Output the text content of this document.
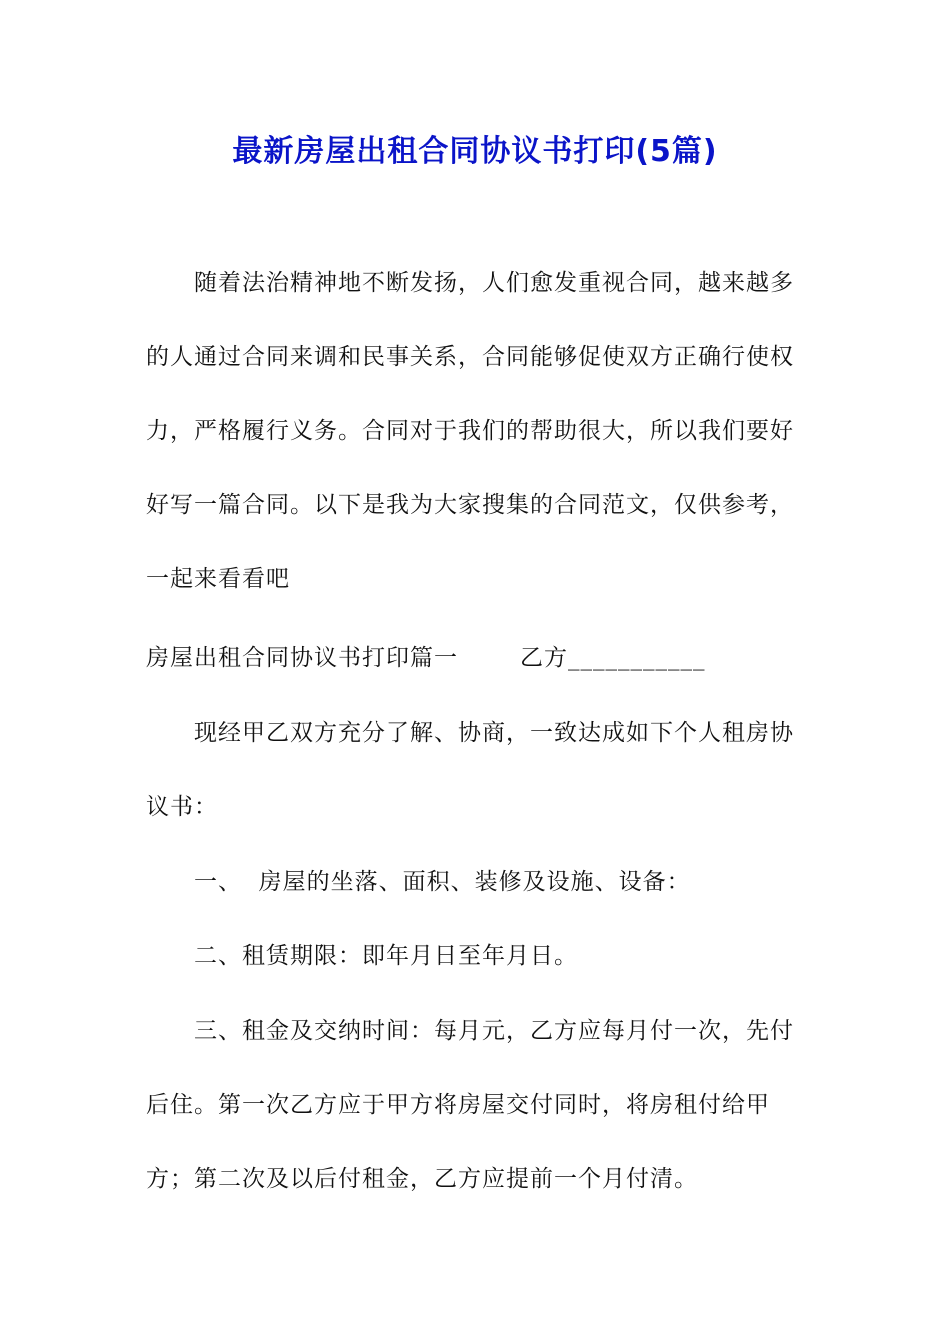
最新房屋出租合同协议书打印(5篇)
随着法治精神地不断发扬，人们愈发重视合同，越来越多的人通过合同来调和民事关系，合同能够促使双方正确行使权力，严格履行义务。合同对于我们的帮助很大，所以我们要好好写一篇合同。以下是我为大家搜集的合同范文，仅供参考，一起来看看吧
房屋出租合同协议书打印篇一	乙方___________
现经甲乙双方充分了解、协商，一致达成如下个人租房协议书：
一、  房屋的坐落、面积、装修及设施、设备：
二、租赁期限：即年月日至年月日。
三、租金及交纳时间：每月元，乙方应每月付一次，先付后住。第一次乙方应于甲方将房屋交付同时，将房租付给甲方；第二次及以后付租金，乙方应提前一个月付清。
